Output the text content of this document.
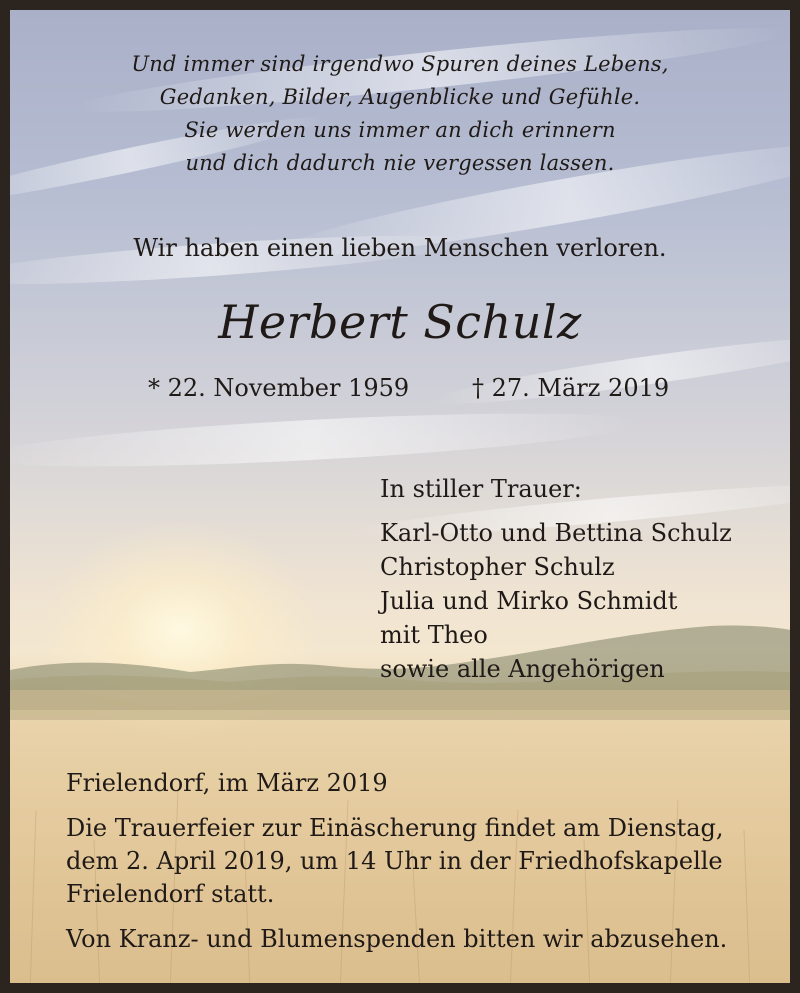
Und immer sind irgendwo Spuren deines Lebens,
Gedanken, Bilder, Augenblicke und Gefühle.
Sie werden uns immer an dich erinnern
und dich dadurch nie vergessen lassen.
Wir haben einen lieben Menschen verloren.
Herbert Schulz
* 22. November 1959	† 27. März 2019
In stiller Trauer:
Karl-Otto und Bettina Schulz
Christopher Schulz
Julia und Mirko Schmidt
mit Theo
sowie alle Angehörigen
Frielendorf, im März 2019
Die Trauerfeier zur Einäscherung findet am Dienstag,
dem 2. April 2019, um 14 Uhr in der Friedhofskapelle
Frielendorf statt.
Von Kranz- und Blumenspenden bitten wir abzusehen.
